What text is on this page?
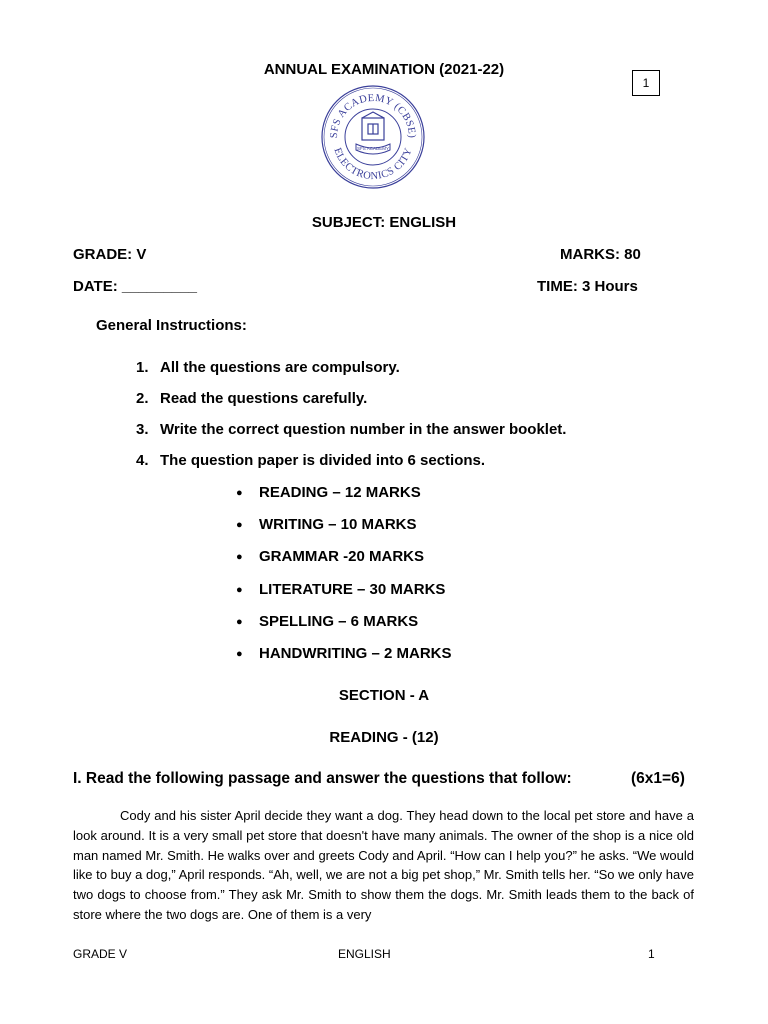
ANNUAL EXAMINATION (2021-22)
1
SFS ACADEMY (CBSE)
ELECTRONICS CITY
SFS ACADEMY
SUBJECT: ENGLISH
GRADE: V	MARKS: 80
DATE: _________	TIME: 3 Hours
General Instructions:
1. All the questions are compulsory.
2. Read the questions carefully.
3. Write the correct question number in the answer booklet.
4. The question paper is divided into 6 sections.
● READING – 12 MARKS
● WRITING – 10 MARKS
● GRAMMAR -20 MARKS
● LITERATURE – 30 MARKS
● SPELLING – 6 MARKS
● HANDWRITING – 2 MARKS
SECTION - A
READING - (12)
I. Read the following passage and answer the questions that follow:	(6x1=6)

Cody and his sister April decide they want a dog. They head down to the local pet store and have a look around. It is a very small pet store that doesn't have many animals. The owner of the shop is a nice old man named Mr. Smith. He walks over and greets Cody and April. “How can I help you?” he asks. “We would like to buy a dog,” April responds. “Ah, well, we are not a big pet shop,” Mr. Smith tells her. “So we only have two dogs to choose from.” They ask Mr. Smith to show them the dogs. Mr. Smith leads them to the back of store where the two dogs are. One of them is a very

GRADE V	ENGLISH	1
